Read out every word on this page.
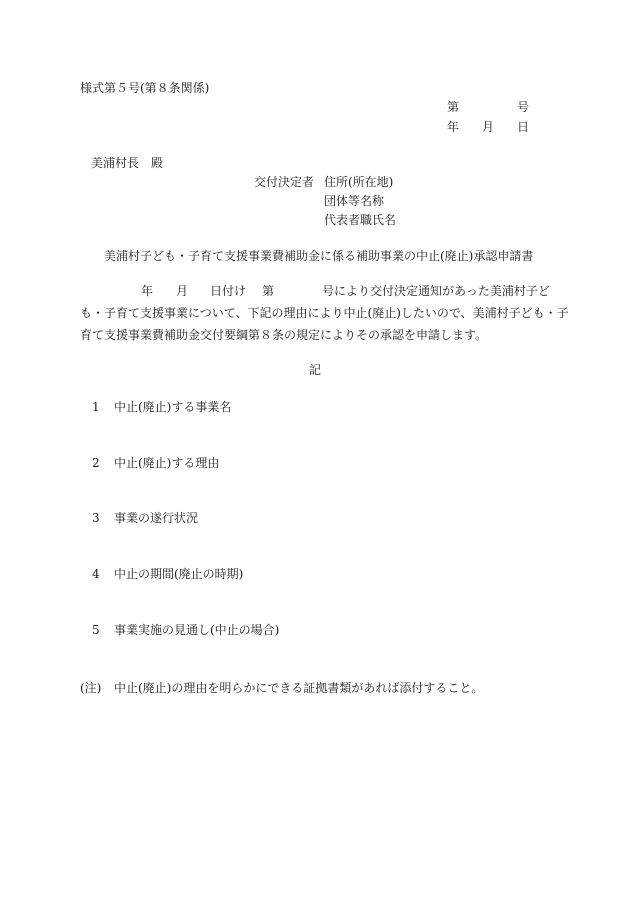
様式第５号(第８条関係)
第	号
年 月 日
美浦村長　殿
交付決定者 住所(所在地)
団体等名称
代表者職氏名
美浦村子ども・子育て支援事業費補助金に係る補助事業の中止(廃止)承認申請書
年 月 日付け 第	号により交付決定通知があった美浦村子ど
も・子育て支援事業について、下記の理由により中止(廃止)したいので、美浦村子ども・子
育て支援事業費補助金交付要綱第８条の規定によりその承認を申請します。
記
1 中止(廃止)する事業名
2 中止(廃止)する理由
3 事業の遂行状況
4 中止の期間(廃止の時期)
5 事業実施の見通し(中止の場合)
(注) 中止(廃止)の理由を明らかにできる証拠書類があれば添付すること。
